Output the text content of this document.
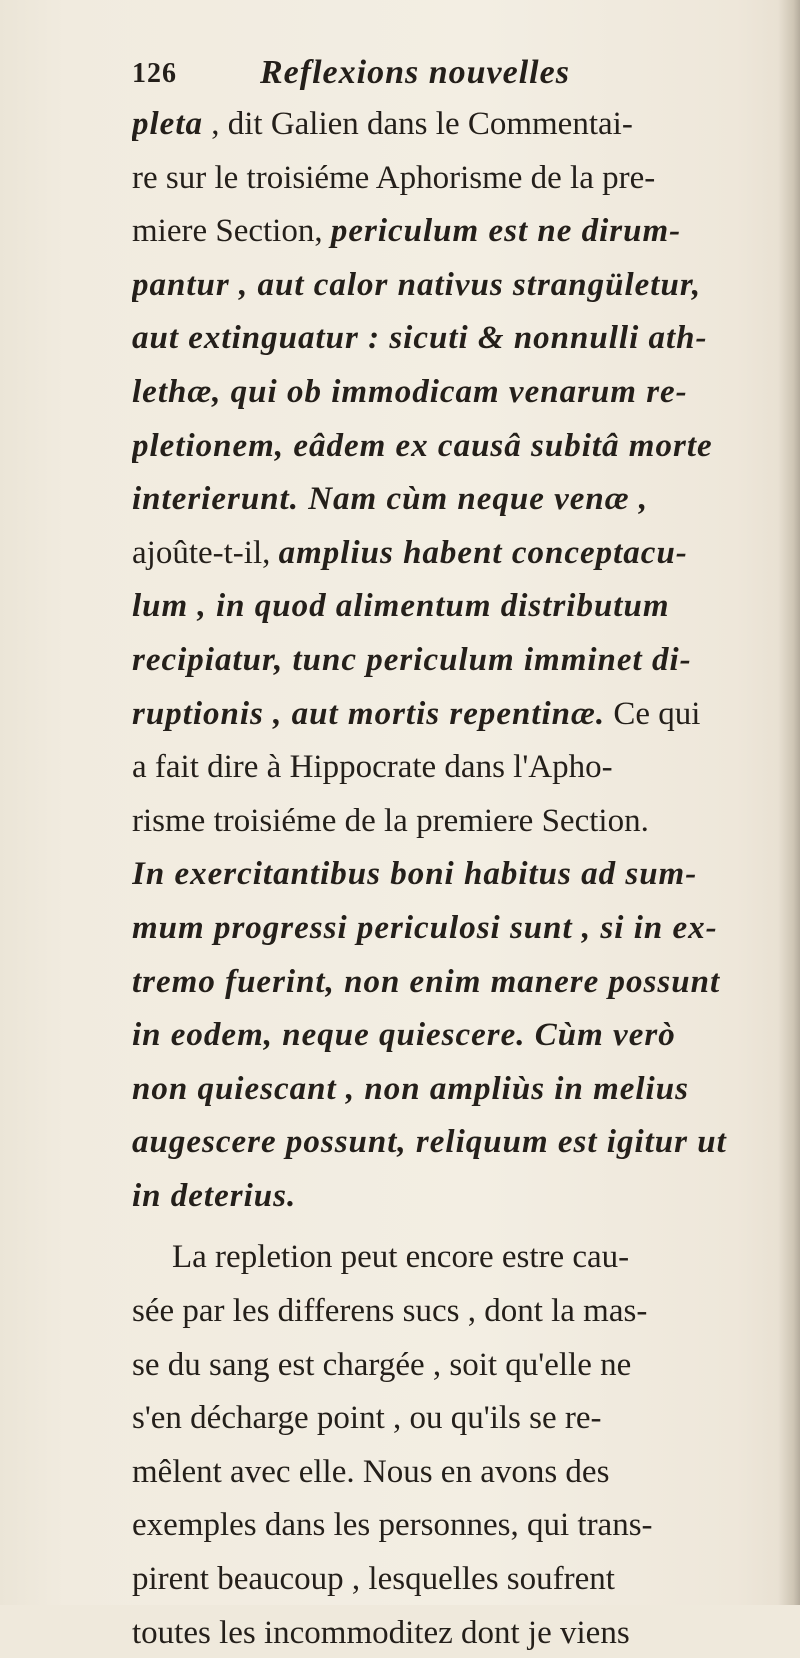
126 Reflexions nouvelles
pleta , dit Galien dans le Commentai-
re sur le troisiéme Aphorisme de la pre-
miere Section, periculum est ne dirum-
pantur , aut calor nativus strangületur,
aut extinguatur : sicuti & nonnulli ath-
lethæ, qui ob immodicam venarum re-
pletionem, eâdem ex causâ subitâ morte
interierunt. Nam cùm neque venæ ,
ajoûte-t-il, amplius habent conceptacu-
lum , in quod alimentum distributum
recipiatur, tunc periculum imminet di-
ruptionis , aut mortis repentinæ. Ce qui
a fait dire à Hippocrate dans l'Apho-
risme troisiéme de la premiere Section.
In exercitantibus boni habitus ad sum-
mum progressi periculosi sunt , si in ex-
tremo fuerint, non enim manere possunt
in eodem, neque quiescere. Cùm verò
non quiescant , non ampliùs in melius
augescere possunt, reliquum est igitur ut
in deterius.
La repletion peut encore estre cau-
sée par les differens sucs , dont la mas-
se du sang est chargée , soit qu'elle ne
s'en décharge point , ou qu'ils se re-
mêlent avec elle. Nous en avons des
exemples dans les personnes, qui trans-
pirent beaucoup , lesquelles soufrent
toutes les incommoditez dont je viens
